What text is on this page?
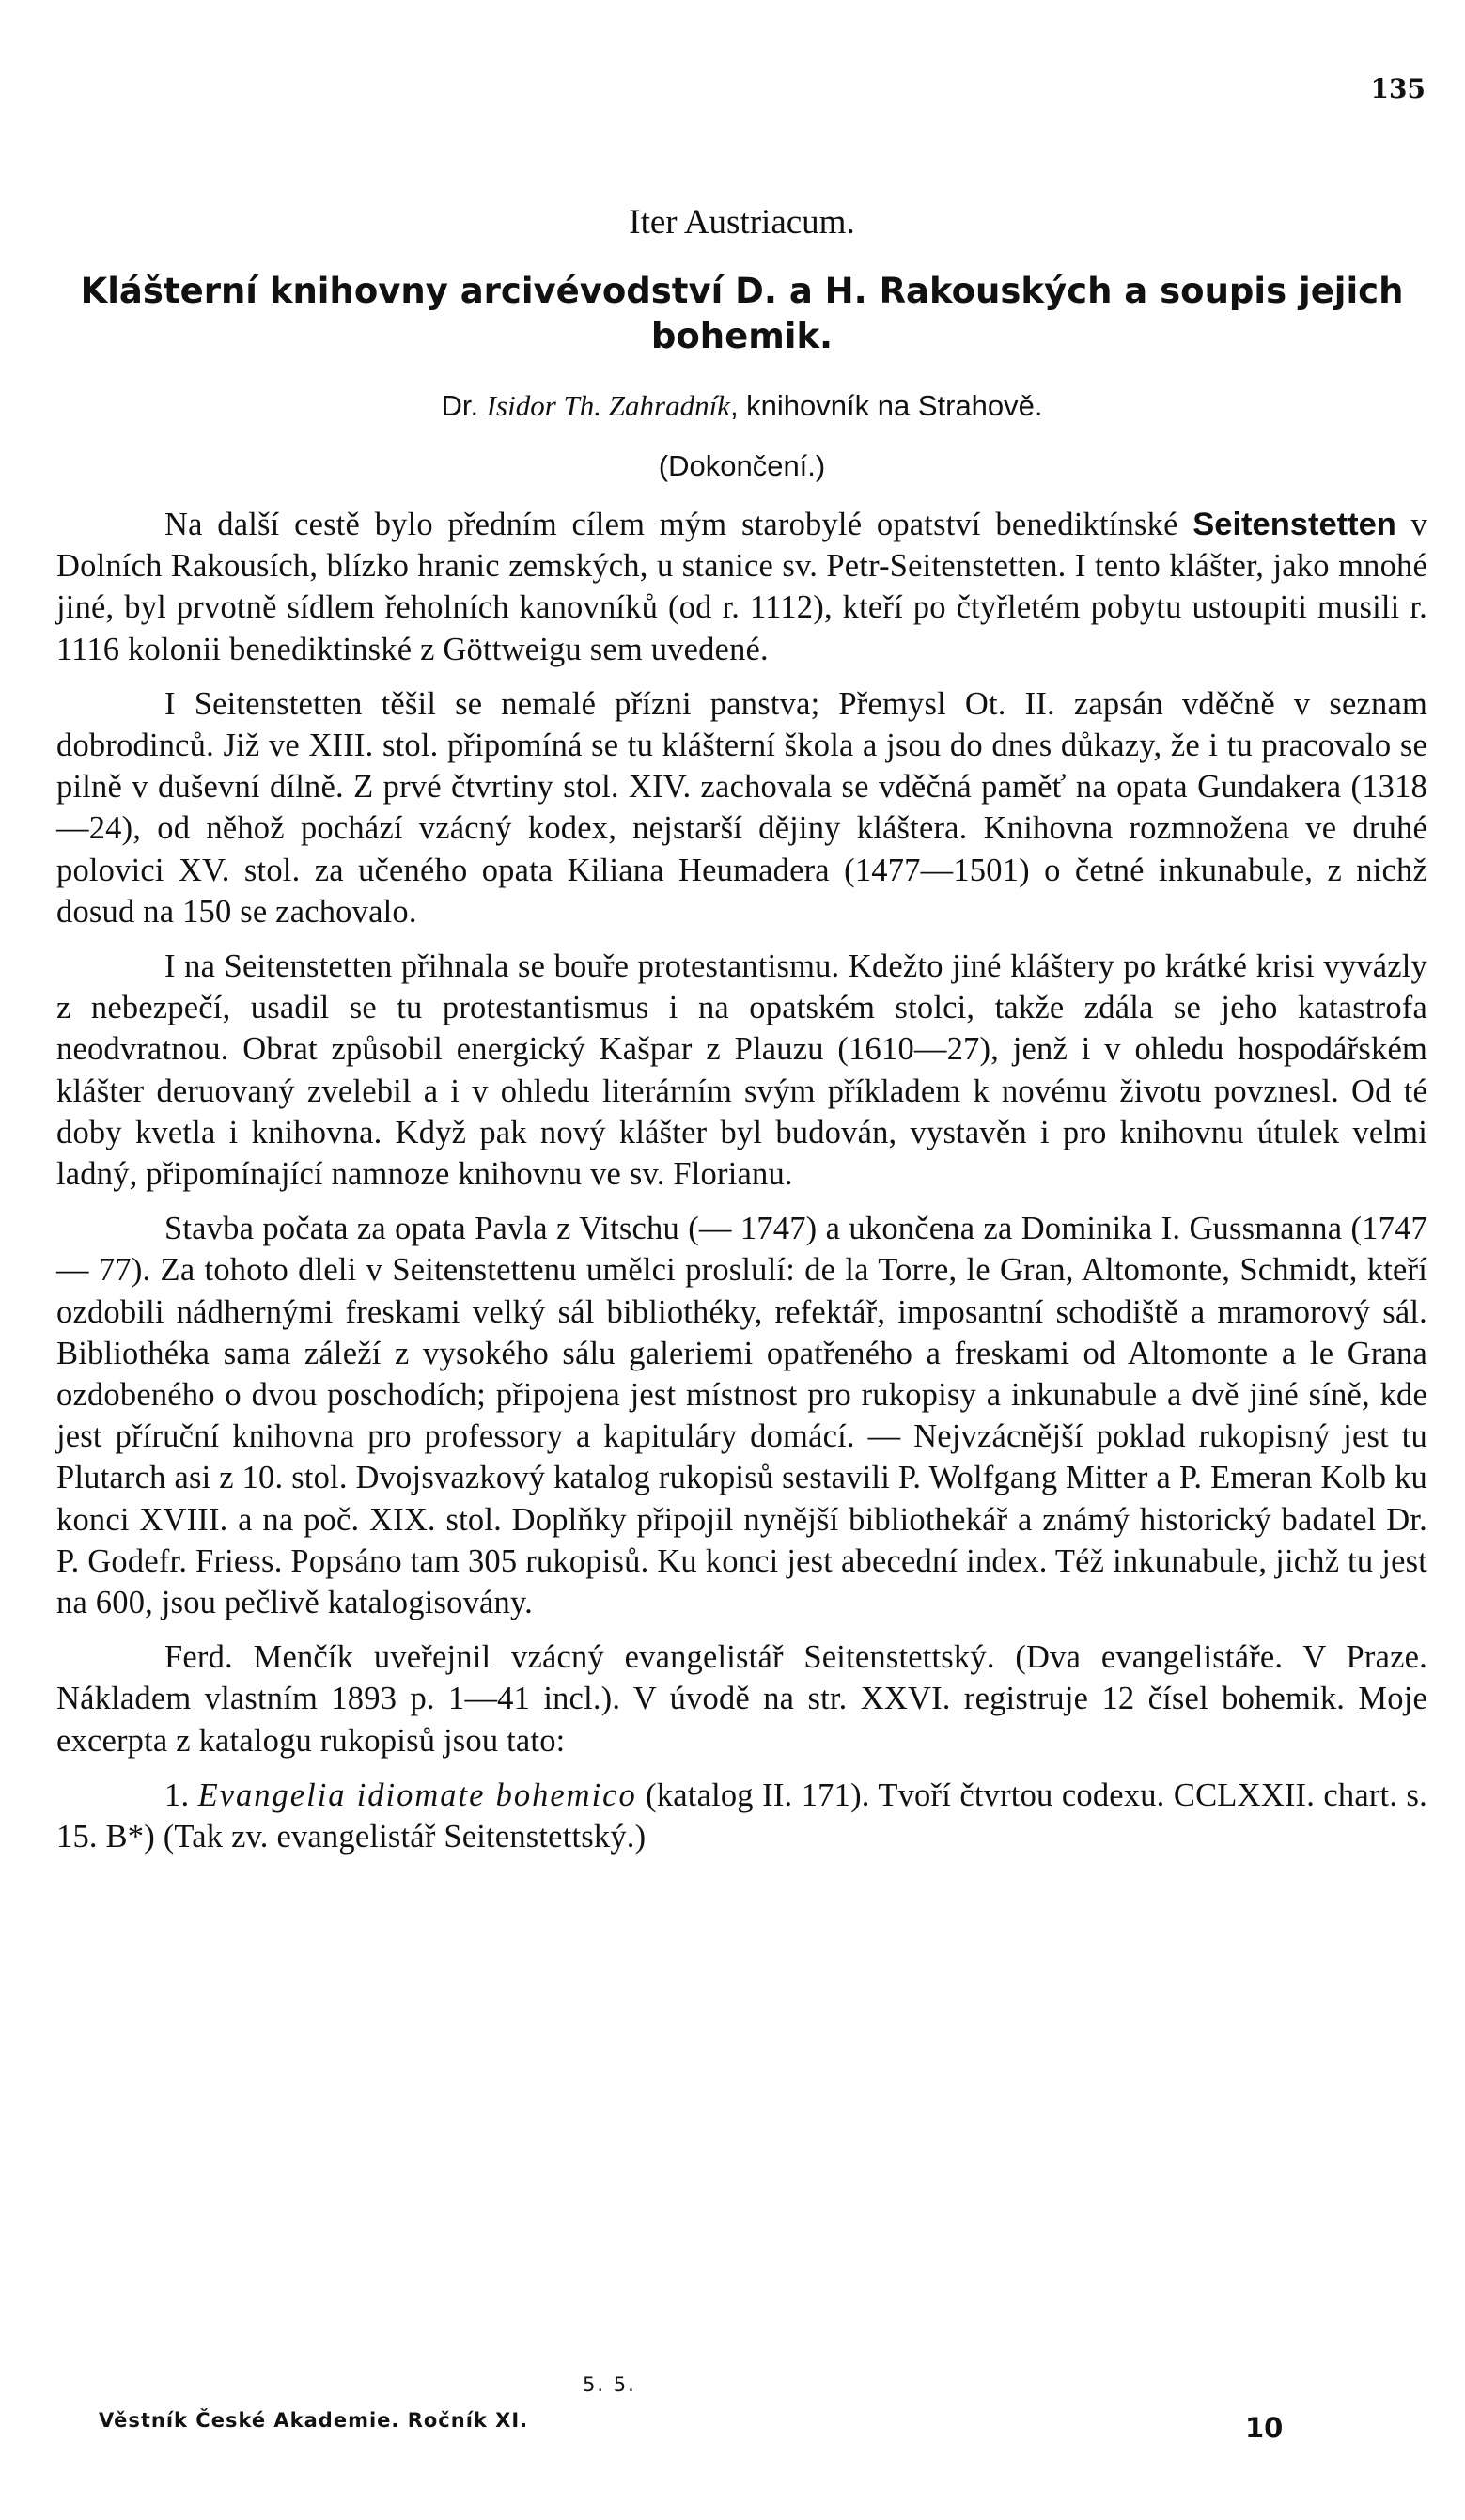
135
Iter Austriacum.
Klášterní knihovny arcivévodství D. a H. Rakouských a soupis jejich bohemik.
Dr. Isidor Th. Zahradník, knihovník na Strahově.
(Dokončení.)

Na další cestě bylo předním cílem mým starobylé opatství benediktínské Seitenstetten v Dolních Rakousích, blízko hranic zemských, u stanice sv. Petr-Seitenstetten. I tento klášter, jako mnohé jiné, byl prvotně sídlem řeholních kanovníků (od r. 1112), kteří po čtyřletém pobytu ustoupiti musili r. 1116 kolonii benediktinské z Göttweigu sem uvedené.

I Seitenstetten těšil se nemalé přízni panstva; Přemysl Ot. II. zapsán vděčně v seznam dobrodinců. Již ve XIII. stol. připomíná se tu klášterní škola a jsou do dnes důkazy, že i tu pracovalo se pilně v duševní dílně. Z prvé čtvrtiny stol. XIV. zachovala se vděčná paměť na opata Gundakera (1318—24), od něhož pochází vzácný kodex, nejstarší dějiny kláštera. Knihovna rozmnožena ve druhé polovici XV. stol. za učeného opata Kiliana Heumadera (1477—1501) o četné inkunabule, z nichž dosud na 150 se zachovalo.

I na Seitenstetten přihnala se bouře protestantismu. Kdežto jiné kláštery po krátké krisi vyvázly z nebezpečí, usadil se tu protestantismus i na opatském stolci, takže zdála se jeho katastrofa neodvratnou. Obrat způsobil energický Kašpar z Plauzu (1610—27), jenž i v ohledu hospodářském klášter deruovaný zvelebil a i v ohledu literárním svým příkladem k novému životu povznesl. Od té doby kvetla i knihovna. Když pak nový klášter byl budován, vystavěn i pro knihovnu útulek velmi ladný, připomínající namnoze knihovnu ve sv. Florianu.

Stavba počata za opata Pavla z Vitschu (— 1747) a ukončena za Dominika I. Gussmanna (1747 — 77). Za tohoto dleli v Seitenstettenu umělci proslulí: de la Torre, le Gran, Altomonte, Schmidt, kteří ozdobili nádhernými freskami velký sál bibliothéky, refektář, imposantní schodiště a mramorový sál. Bibliothéka sama záleží z vysokého sálu galeriemi opatřeného a freskami od Altomonte a le Grana ozdobeného o dvou poschodích; připojena jest místnost pro rukopisy a inkunabule a dvě jiné síně, kde jest příruční knihovna pro professory a kapituláry domácí. — Nejvzácnější poklad rukopisný jest tu Plutarch asi z 10. stol. Dvojsvazkový katalog rukopisů sestavili P. Wolfgang Mitter a P. Emeran Kolb ku konci XVIII. a na poč. XIX. stol. Doplňky připojil nynější bibliothekář a známý historický badatel Dr. P. Godefr. Friess. Popsáno tam 305 rukopisů. Ku konci jest abecední index. Též inkunabule, jichž tu jest na 600, jsou pečlivě katalogisovány.

Ferd. Menčík uveřejnil vzácný evangelistář Seitenstettský. (Dva evangelistáře. V Praze. Nákladem vlastním 1893 p. 1—41 incl.). V úvodě na str. XXVI. registruje 12 čísel bohemik. Moje excerpta z katalogu rukopisů jsou tato:

1. Evangelia idiomate bohemico (katalog II. 171). Tvoří čtvrtou codexu. CCLXXII. chart. s. 15. B*) (Tak zv. evangelistář Seitenstettský.)

5. 5.
Věstník České Akademie. Ročník XI.	10
